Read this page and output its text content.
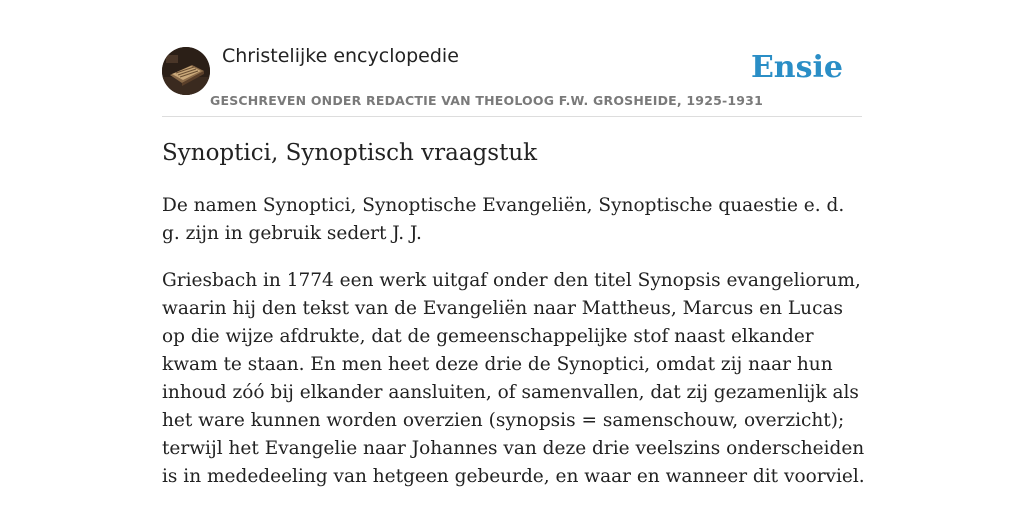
Christelijke encyclopedie
GESCHREVEN ONDER REDACTIE VAN THEOLOOG F.W. GROSHEIDE, 1925-1931
Ensie
Synoptici, Synoptisch vraagstuk

De namen Synoptici, Synoptische Evangeliën, Synoptische quaestie e. d. g. zijn in gebruik sedert J. J.

Griesbach in 1774 een werk uitgaf onder den titel Synopsis evangeliorum, waarin hij den tekst van de Evangeliën naar Mattheus, Marcus en Lucas op die wijze afdrukte, dat de gemeenschappelijke stof naast elkander kwam te staan. En men heet deze drie de Synoptici, omdat zij naar hun inhoud zóó bij elkander aansluiten, of samenvallen, dat zij gezamenlijk als het ware kunnen worden overzien (synopsis = samenschouw, overzicht); terwijl het Evangelie naar Johannes van deze drie veelszins onderscheiden is in mededeeling van hetgeen gebeurde, en waar en wanneer dit voorviel.
